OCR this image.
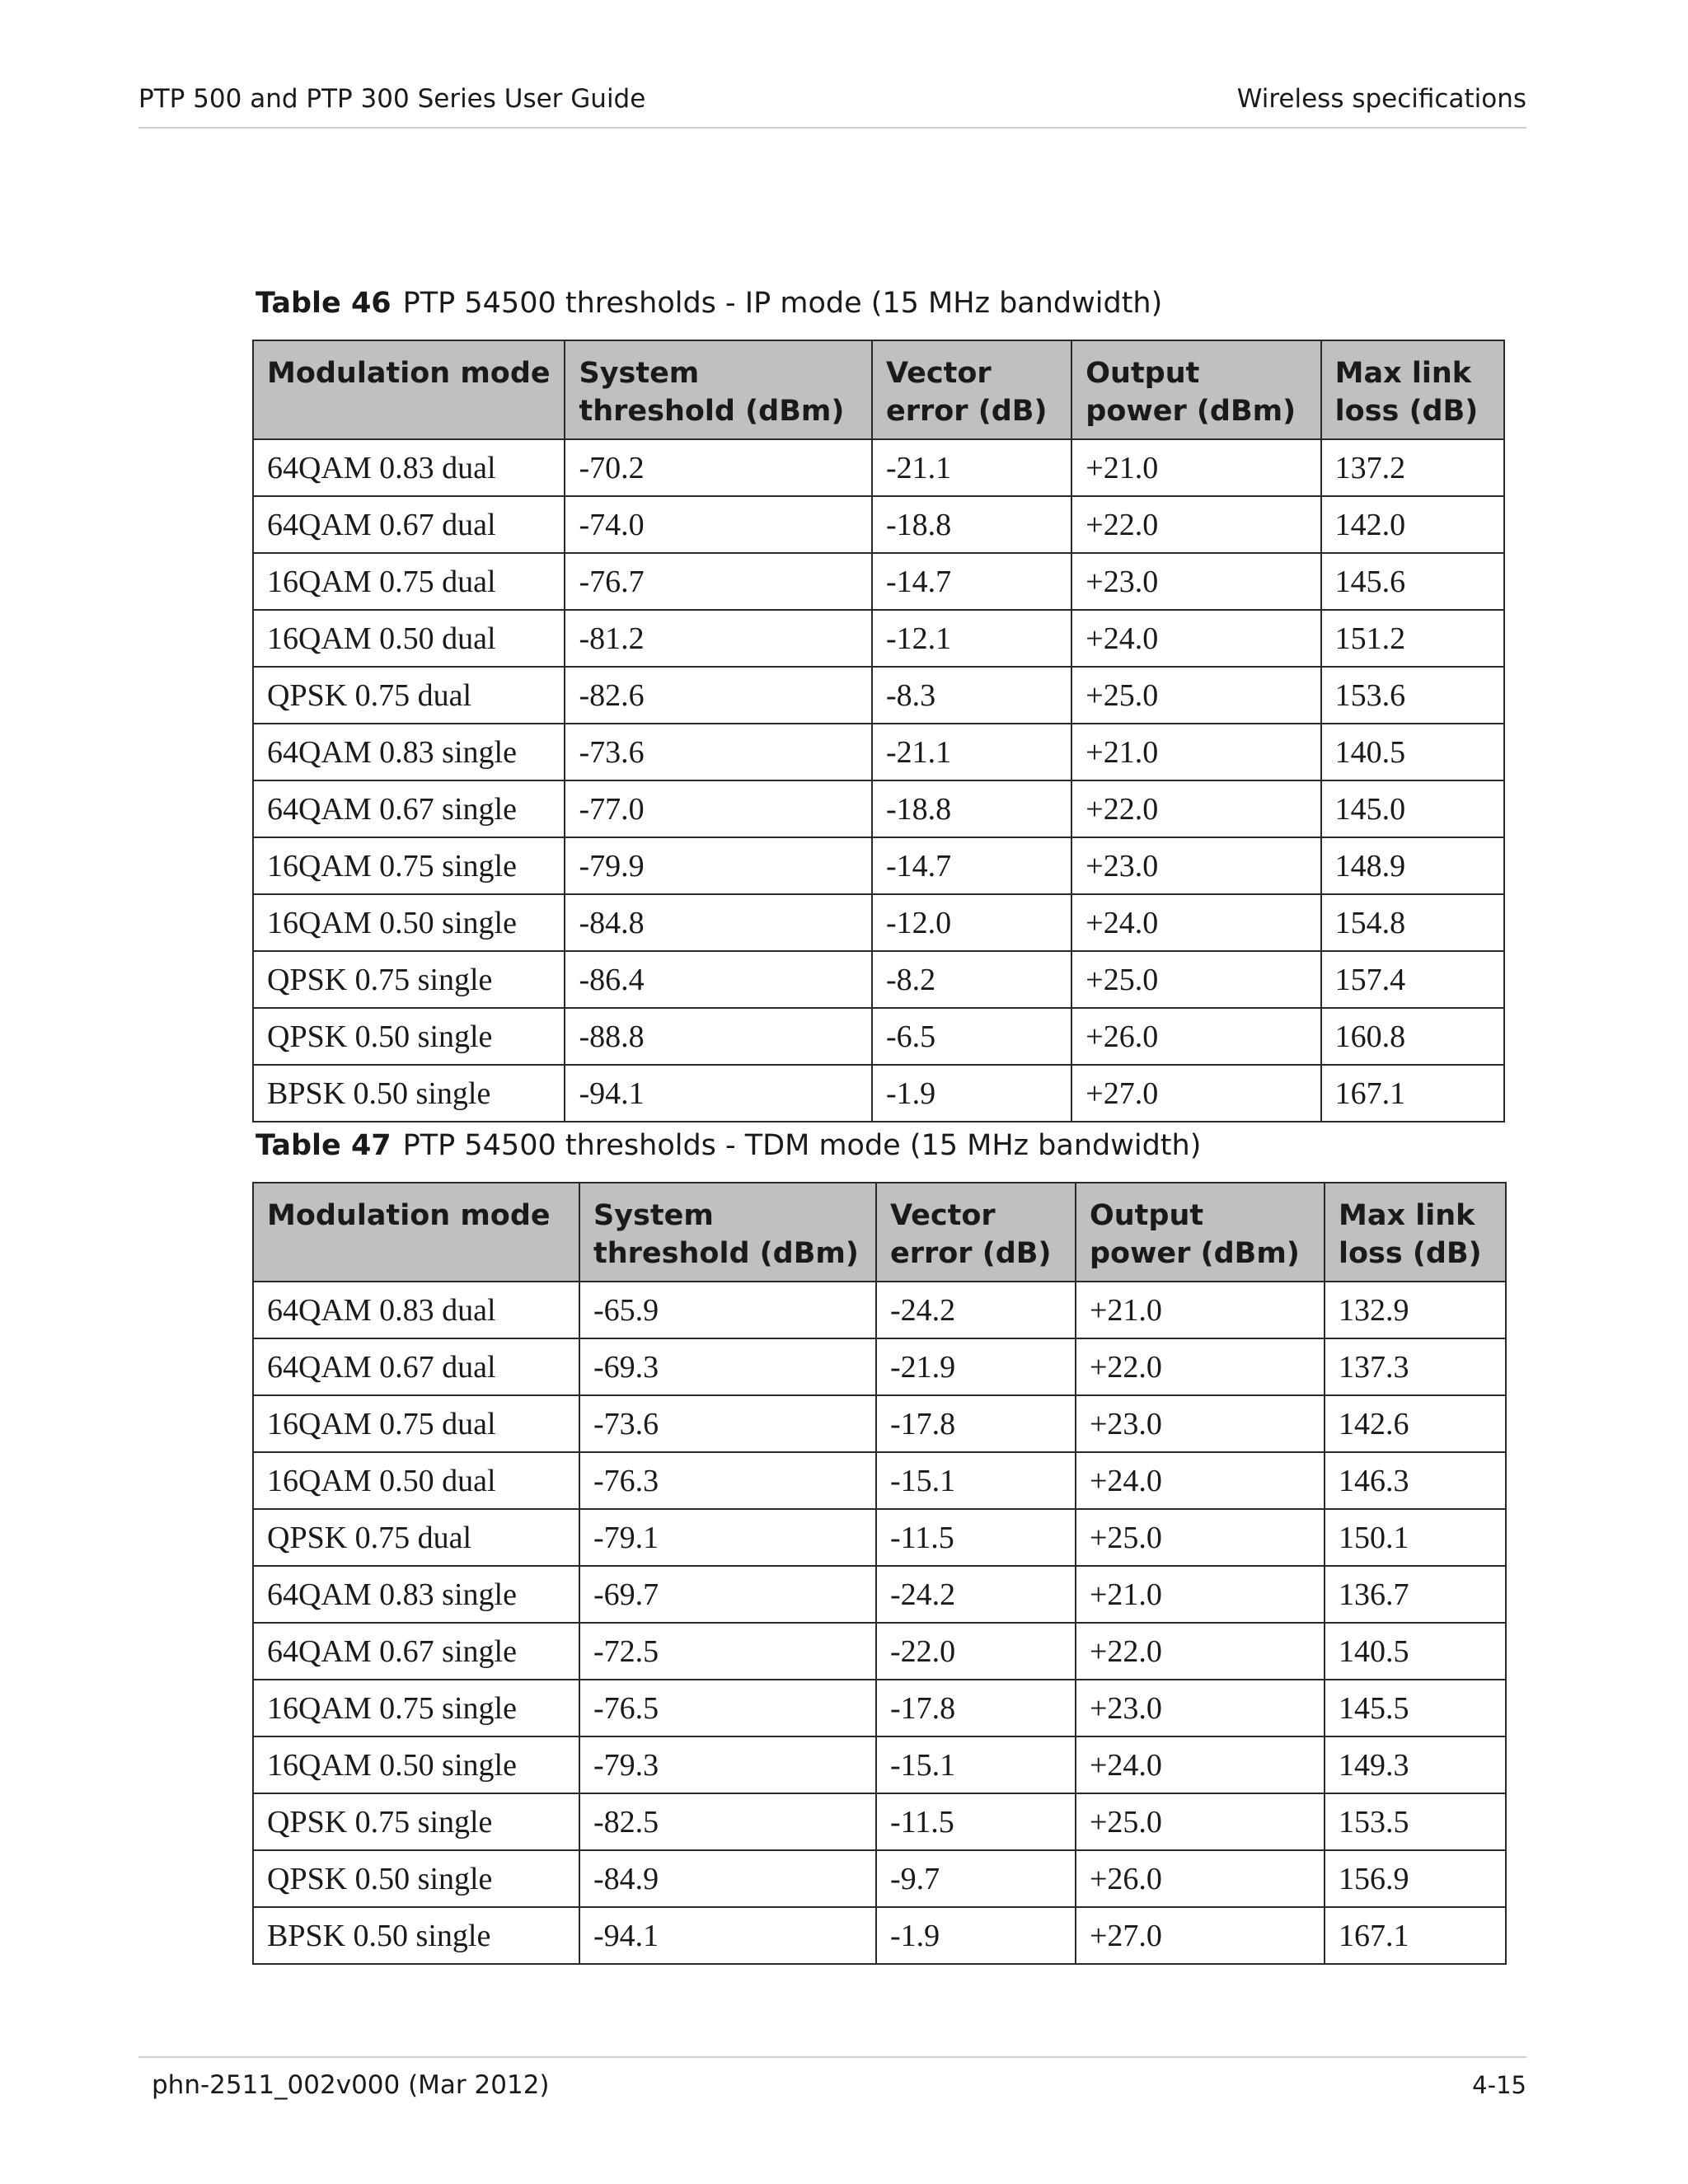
PTP 500 and PTP 300 Series User Guide	Wireless specifications
Table 46 PTP 54500 thresholds - IP mode (15 MHz bandwidth)
Modulation mode	System threshold (dBm)	Vector error (dB)	Output power (dBm)	Max link loss (dB)
64QAM 0.83 dual	-70.2	-21.1	+21.0	137.2
64QAM 0.67 dual	-74.0	-18.8	+22.0	142.0
16QAM 0.75 dual	-76.7	-14.7	+23.0	145.6
16QAM 0.50 dual	-81.2	-12.1	+24.0	151.2
QPSK 0.75 dual	-82.6	-8.3	+25.0	153.6
64QAM 0.83 single	-73.6	-21.1	+21.0	140.5
64QAM 0.67 single	-77.0	-18.8	+22.0	145.0
16QAM 0.75 single	-79.9	-14.7	+23.0	148.9
16QAM 0.50 single	-84.8	-12.0	+24.0	154.8
QPSK 0.75 single	-86.4	-8.2	+25.0	157.4
QPSK 0.50 single	-88.8	-6.5	+26.0	160.8
BPSK 0.50 single	-94.1	-1.9	+27.0	167.1
Table 47 PTP 54500 thresholds - TDM mode (15 MHz bandwidth)
Modulation mode	System threshold (dBm)	Vector error (dB)	Output power (dBm)	Max link loss (dB)
64QAM 0.83 dual	-65.9	-24.2	+21.0	132.9
64QAM 0.67 dual	-69.3	-21.9	+22.0	137.3
16QAM 0.75 dual	-73.6	-17.8	+23.0	142.6
16QAM 0.50 dual	-76.3	-15.1	+24.0	146.3
QPSK 0.75 dual	-79.1	-11.5	+25.0	150.1
64QAM 0.83 single	-69.7	-24.2	+21.0	136.7
64QAM 0.67 single	-72.5	-22.0	+22.0	140.5
16QAM 0.75 single	-76.5	-17.8	+23.0	145.5
16QAM 0.50 single	-79.3	-15.1	+24.0	149.3
QPSK 0.75 single	-82.5	-11.5	+25.0	153.5
QPSK 0.50 single	-84.9	-9.7	+26.0	156.9
BPSK 0.50 single	-94.1	-1.9	+27.0	167.1
phn-2511_002v000 (Mar 2012)	4-15
